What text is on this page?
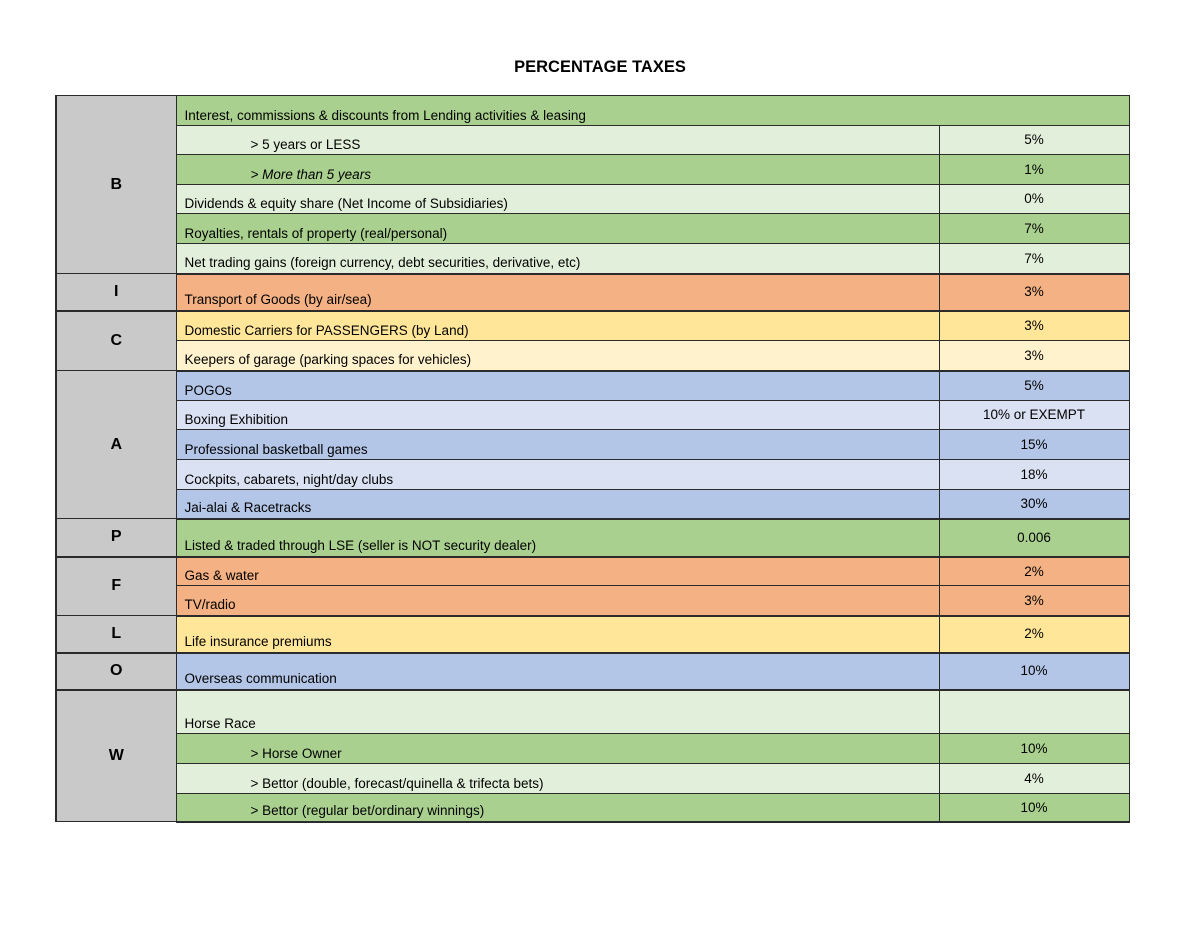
PERCENTAGE TAXES
B	Interest, commissions & discounts from Lending activities & leasing	
	> 5 years or LESS	5%
	> More than 5 years	1%
	Dividends & equity share (Net Income of Subsidiaries)	0%
	Royalties, rentals of property (real/personal)	7%
	Net trading gains (foreign currency, debt securities, derivative, etc)	7%
I	Transport of Goods (by air/sea)	3%
C	Domestic Carriers for PASSENGERS (by Land)	3%
	Keepers of garage (parking spaces for vehicles)	3%
A	POGOs	5%
	Boxing Exhibition	10% or EXEMPT
	Professional basketball games	15%
	Cockpits, cabarets, night/day clubs	18%
	Jai-alai & Racetracks	30%
P	Listed & traded through LSE (seller is NOT security dealer)	0.006
F	Gas & water	2%
	TV/radio	3%
L	Life insurance premiums	2%
O	Overseas communication	10%
W	Horse Race	
	> Horse Owner	10%
	> Bettor (double, forecast/quinella & trifecta bets)	4%
	> Bettor (regular bet/ordinary winnings)	10%
